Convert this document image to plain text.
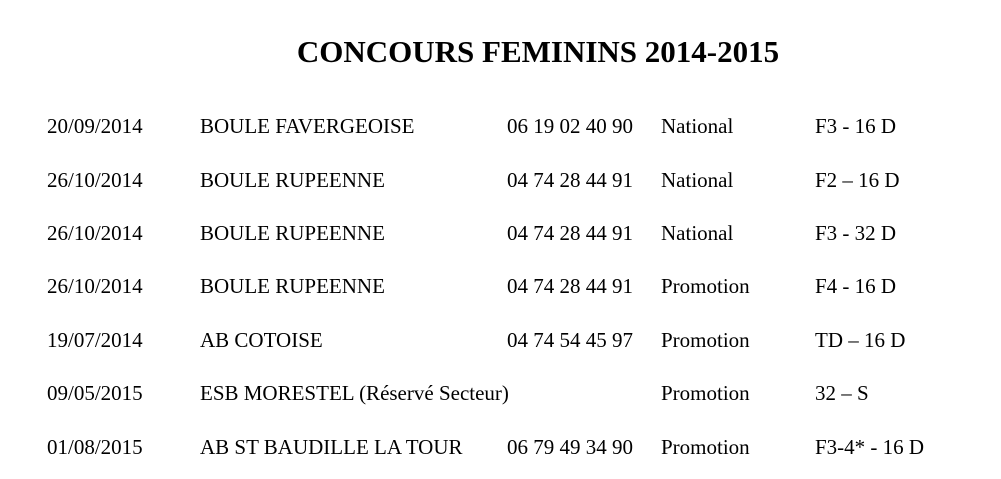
CONCOURS FEMININS 2014-2015
20/09/2014	BOULE FAVERGEOISE	06 19 02 40 90 National	F3 - 16 D
26/10/2014	BOULE RUPEENNE	04 74 28 44 91 National	F2 – 16 D
26/10/2014	BOULE RUPEENNE	04 74 28 44 91 National	F3 - 32 D
26/10/2014	BOULE RUPEENNE	04 74 28 44 91 Promotion	F4 - 16 D
19/07/2014	AB COTOISE	04 74 54 45 97 Promotion	TD – 16 D
09/05/2015	ESB MORESTEL (Réservé Secteur)	Promotion	32 – S
01/08/2015	AB ST BAUDILLE LA TOUR 06 79 49 34 90 Promotion	F3-4* - 16 D
